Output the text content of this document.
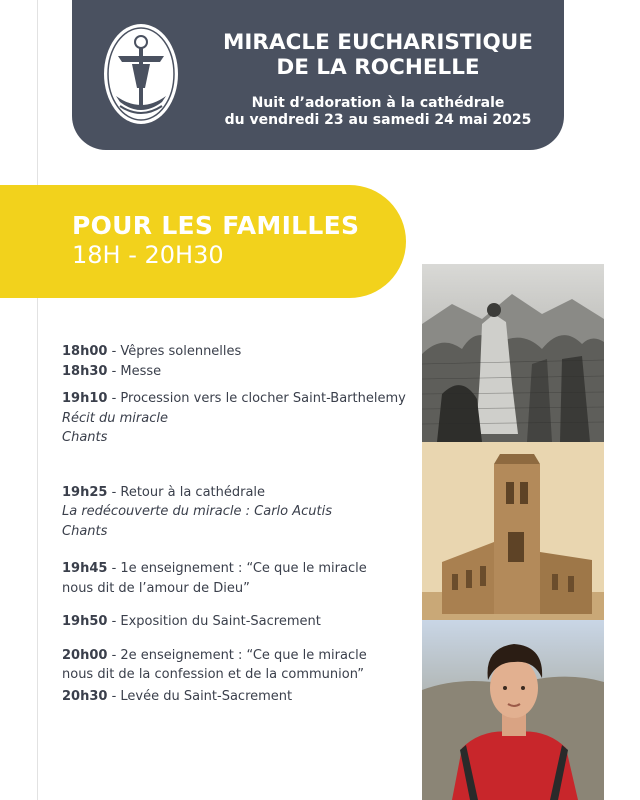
MIRACLE EUCHARISTIQUE
DE LA ROCHELLE
Nuit d’adoration à la cathédrale
du vendredi 23 au samedi 24 mai 2025
POUR LES FAMILLES
18H - 20H30
18h00 - Vêpres solennelles
18h30 - Messe
19h10 - Procession vers le clocher Saint-Barthelemy
Récit du miracle
Chants
19h25 - Retour à la cathédrale
La redécouverte du miracle : Carlo Acutis
Chants
19h45 - 1e enseignement : “Ce que le miracle
nous dit de l’amour de Dieu”
19h50 - Exposition du Saint-Sacrement
20h00 - 2e enseignement : “Ce que le miracle
nous dit de la confession et de la communion”
20h30 - Levée du Saint-Sacrement
